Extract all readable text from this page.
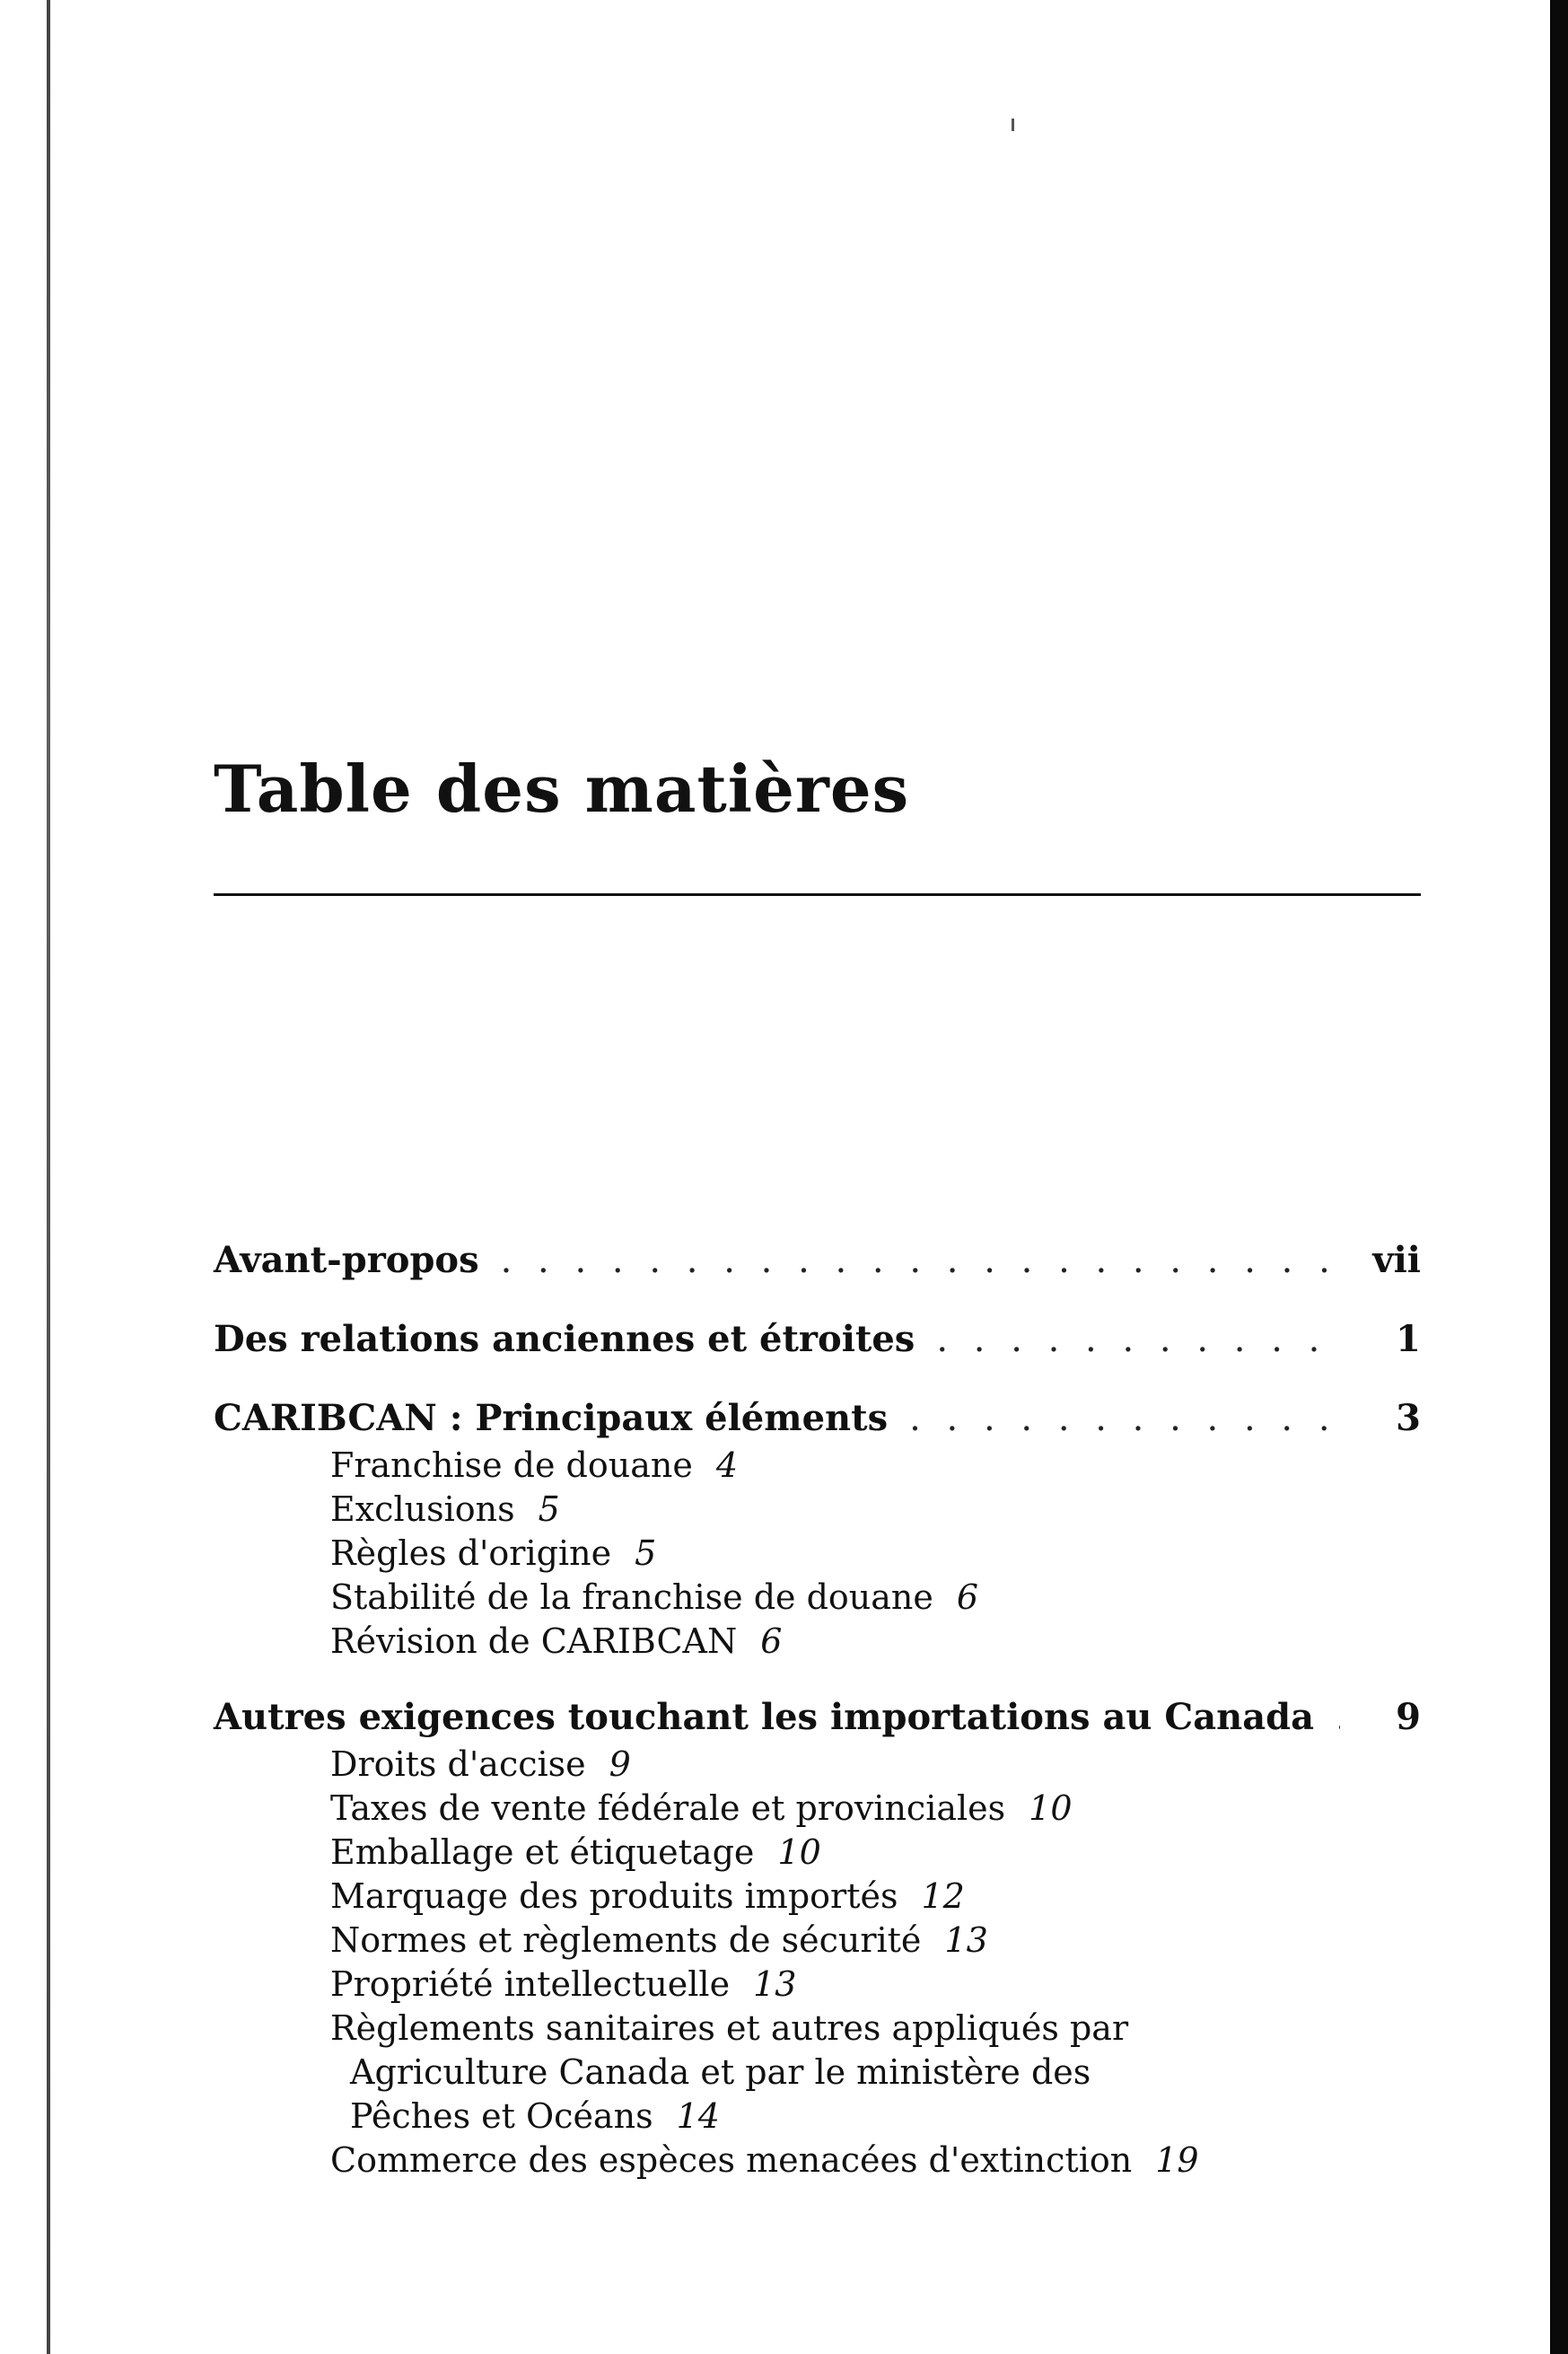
Table des matières
Avant-propos . . .	vii
Des relations anciennes et étroites . . .	1
CARIBCAN : Principaux éléments . . .	3
Franchise de douane 4
Exclusions 5
Règles d'origine 5
Stabilité de la franchise de douane 6
Révision de CARIBCAN 6
Autres exigences touchant les importations au Canada . . .	9
Droits d'accise 9
Taxes de vente fédérale et provinciales 10
Emballage et étiquetage 10
Marquage des produits importés 12
Normes et règlements de sécurité 13
Propriété intellectuelle 13
Règlements sanitaires et autres appliqués par
Agriculture Canada et par le ministère des
Pêches et Océans 14
Commerce des espèces menacées d'extinction 19
